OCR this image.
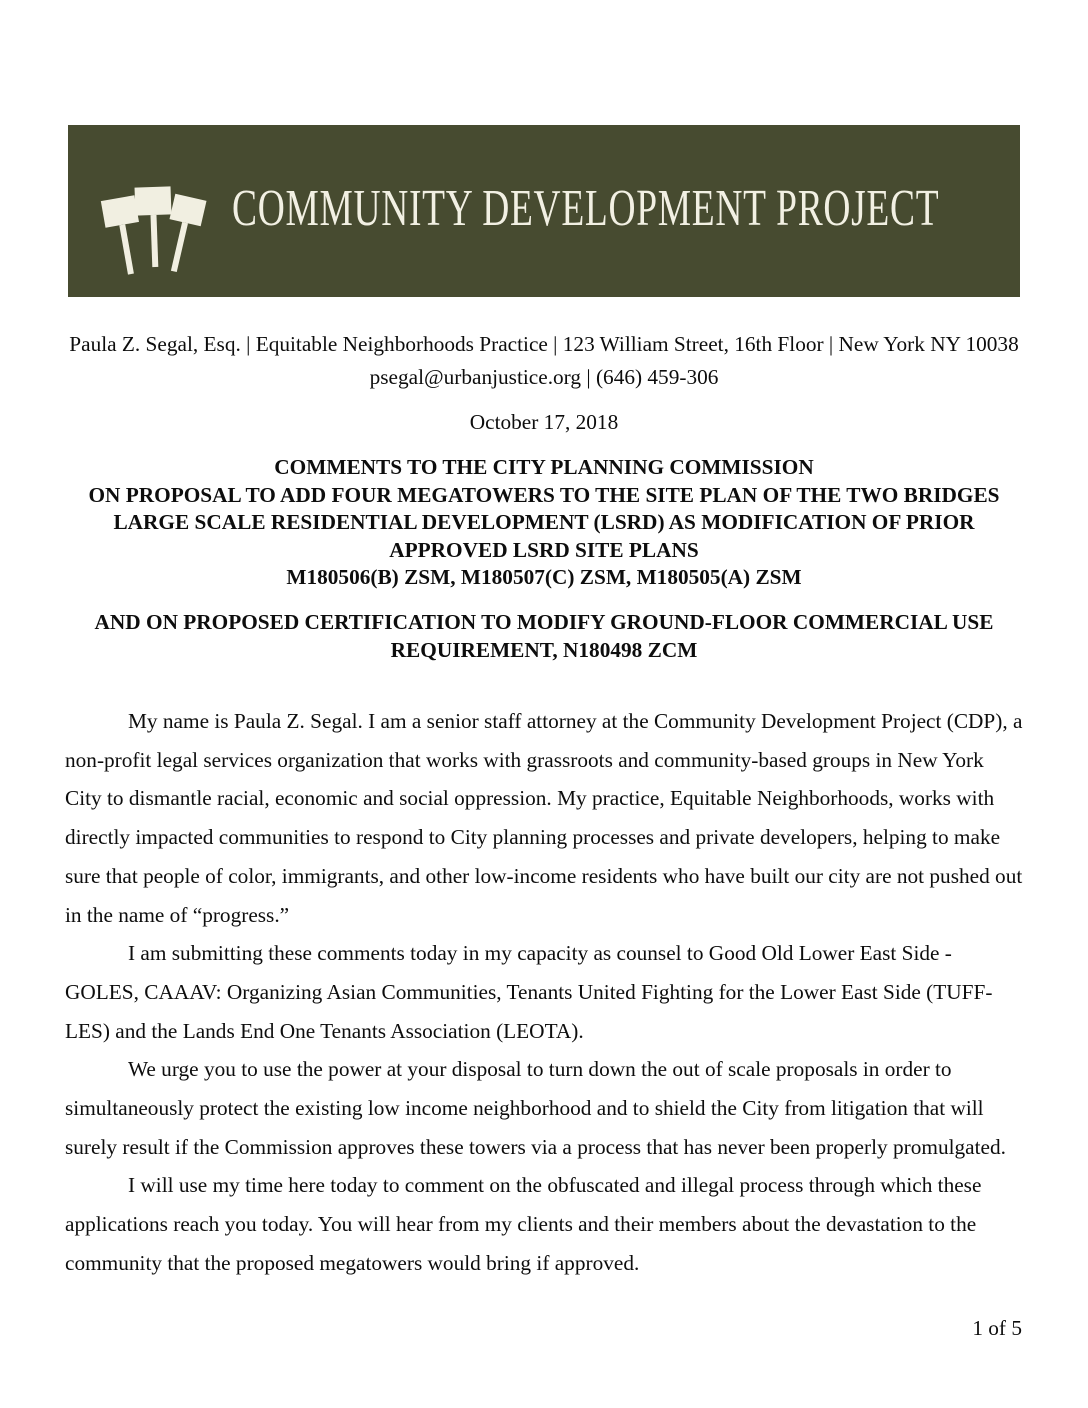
COMMUNITY DEVELOPMENT PROJECT
Paula Z. Segal, Esq. | Equitable Neighborhoods Practice | 123 William Street, 16th Floor | New York NY 10038
psegal@urbanjustice.org | (646) 459-306
October 17, 2018
COMMENTS TO THE CITY PLANNING COMMISSION
ON PROPOSAL TO ADD FOUR MEGATOWERS TO THE SITE PLAN OF THE TWO BRIDGES
LARGE SCALE RESIDENTIAL DEVELOPMENT (LSRD) AS MODIFICATION OF PRIOR
APPROVED LSRD SITE PLANS
M180506(B) ZSM, M180507(C) ZSM, M180505(A) ZSM
AND ON PROPOSED CERTIFICATION TO MODIFY GROUND-FLOOR COMMERCIAL USE
REQUIREMENT, N180498 ZCM

My name is Paula Z. Segal. I am a senior staff attorney at the Community Development Project (CDP), a non-profit legal services organization that works with grassroots and community-based groups in New York City to dismantle racial, economic and social oppression. My practice, Equitable Neighborhoods, works with directly impacted communities to respond to City planning processes and private developers, helping to make sure that people of color, immigrants, and other low-income residents who have built our city are not pushed out in the name of “progress.”

I am submitting these comments today in my capacity as counsel to Good Old Lower East Side - GOLES, CAAAV: Organizing Asian Communities, Tenants United Fighting for the Lower East Side (TUFF-LES) and the Lands End One Tenants Association (LEOTA).

We urge you to use the power at your disposal to turn down the out of scale proposals in order to simultaneously protect the existing low income neighborhood and to shield the City from litigation that will surely result if the Commission approves these towers via a process that has never been properly promulgated.

I will use my time here today to comment on the obfuscated and illegal process through which these applications reach you today. You will hear from my clients and their members about the devastation to the community that the proposed megatowers would bring if approved.

1 of 5
